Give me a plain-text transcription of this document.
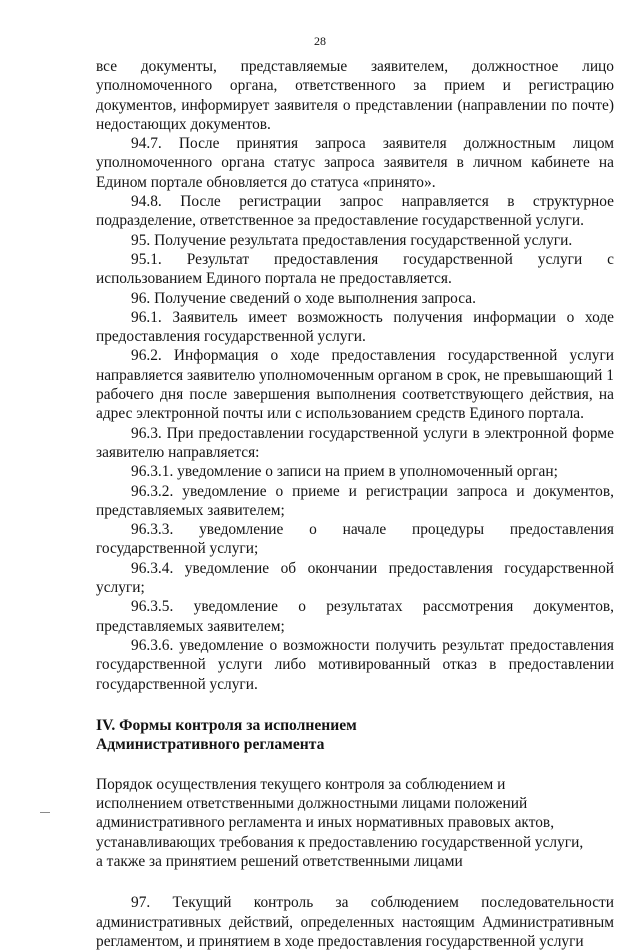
28

все документы, представляемые заявителем, должностное лицо уполномоченного органа, ответственного за прием и регистрацию документов, информирует заявителя о представлении (направлении по почте) недостающих документов.

94.7. После принятия запроса заявителя должностным лицом уполномоченного органа статус запроса заявителя в личном кабинете на Едином портале обновляется до статуса «принято».

94.8. После регистрации запрос направляется в структурное подразделение, ответственное за предоставление государственной услуги.

95. Получение результата предоставления государственной услуги.

95.1. Результат предоставления государственной услуги с использованием Единого портала не предоставляется.

96. Получение сведений о ходе выполнения запроса.

96.1. Заявитель имеет возможность получения информации о ходе предоставления государственной услуги.

96.2. Информация о ходе предоставления государственной услуги направляется заявителю уполномоченным органом в срок, не превышающий 1 рабочего дня после завершения выполнения соответствующего действия, на адрес электронной почты или с использованием средств Единого портала.

96.3. При предоставлении государственной услуги в электронной форме заявителю направляется:

96.3.1. уведомление о записи на прием в уполномоченный орган;

96.3.2. уведомление о приеме и регистрации запроса и документов, представляемых заявителем;

96.3.3. уведомление о начале процедуры предоставления государственной услуги;

96.3.4. уведомление об окончании предоставления государственной услуги;

96.3.5. уведомление о результатах рассмотрения документов, представляемых заявителем;

96.3.6. уведомление о возможности получить результат предоставления государственной услуги либо мотивированный отказ в предоставлении государственной услуги.

IV. Формы контроля за исполнением

Административного регламента

Порядок осуществления текущего контроля за соблюдением и

исполнением ответственными должностными лицами положений

административного регламента и иных нормативных правовых актов,

устанавливающих требования к предоставлению государственной услуги,

а также за принятием решений ответственными лицами

97. Текущий контроль за соблюдением последовательности административных действий, определенных настоящим Административным регламентом, и принятием в ходе предоставления государственной услуги
